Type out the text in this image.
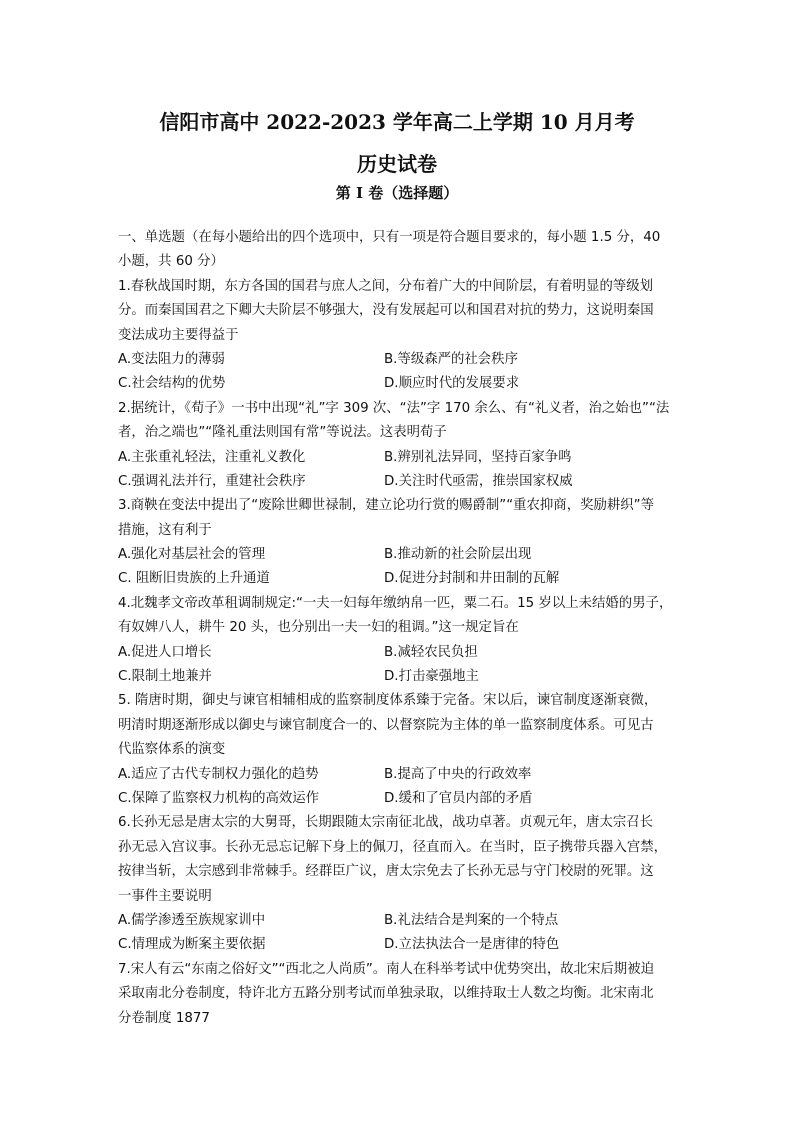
信阳市高中 2022-2023 学年高二上学期 10 月月考
历史试卷
第 I 卷（选择题）
一、单选题（在每小题给出的四个选项中，只有一项是符合题目要求的，每小题 1.5 分，40
小题，共 60 分）
1.春秋战国时期，东方各国的国君与庶人之间，分布着广大的中间阶层，有着明显的等级划
分。而秦国国君之下卿大夫阶层不够强大，没有发展起可以和国君对抗的势力，这说明秦国
变法成功主要得益于
A.变法阻力的薄弱	B.等级森严的社会秩序
C.社会结构的优势	D.顺应时代的发展要求
2.据统计，《荀子》一书中出现“礼”字 309 次、“法”字 170 余么、有“礼义者，治之始也”“法
者，治之端也”“隆礼重法则国有常”等说法。这表明荀子
A.主张重礼轻法，注重礼义教化	B.辨别礼法异同，坚持百家争鸣
C.强调礼法并行，重建社会秩序	D.关注时代亟需，推崇国家权威
3.商鞅在变法中提出了“废除世卿世禄制，建立论功行赏的赐爵制”“重农抑商，奖励耕织”等
措施，这有利于
A.强化对基层社会的管理	B.推动新的社会阶层出现
C. 阻断旧贵族的上升通道	D.促进分封制和井田制的瓦解
4.北魏孝文帝改革租调制规定:“一夫一妇每年缴纳帛一匹，粟二石。15 岁以上未结婚的男子，
有奴婢八人，耕牛 20 头，也分别出一夫一妇的租调。”这一规定旨在
A.促进人口增长	B.减轻农民负担
C.限制土地兼并	D.打击豪强地主
5. 隋唐时期，御史与谏官相辅相成的监察制度体系臻于完备。宋以后，谏官制度逐渐衰微，
明清时期逐渐形成以御史与谏官制度合一的、以督察院为主体的单一监察制度体系。可见古
代监察体系的演变
A.适应了古代专制权力强化的趋势	B.提高了中央的行政效率
C.保障了监察权力机构的高效运作	D.缓和了官员内部的矛盾
6.长孙无忌是唐太宗的大舅哥，长期跟随太宗南征北战，战功卓著。贞观元年，唐太宗召长
孙无忌入宫议事。长孙无忌忘记解下身上的佩刀，径直而入。在当时，臣子携带兵器入宫禁，
按律当斩，太宗感到非常棘手。经群臣广议，唐太宗免去了长孙无忌与守门校尉的死罪。这
一事件主要说明
A.儒学渗透至族规家训中	B.礼法结合是判案的一个特点
C.情理成为断案主要依据	D.立法执法合一是唐律的特色
7.宋人有云“东南之俗好文”“西北之人尚质”。南人在科举考试中优势突出，故北宋后期被迫
采取南北分卷制度，特许北方五路分别考试而单独录取，以维持取士人数之均衡。北宋南北
分卷制度 1877
